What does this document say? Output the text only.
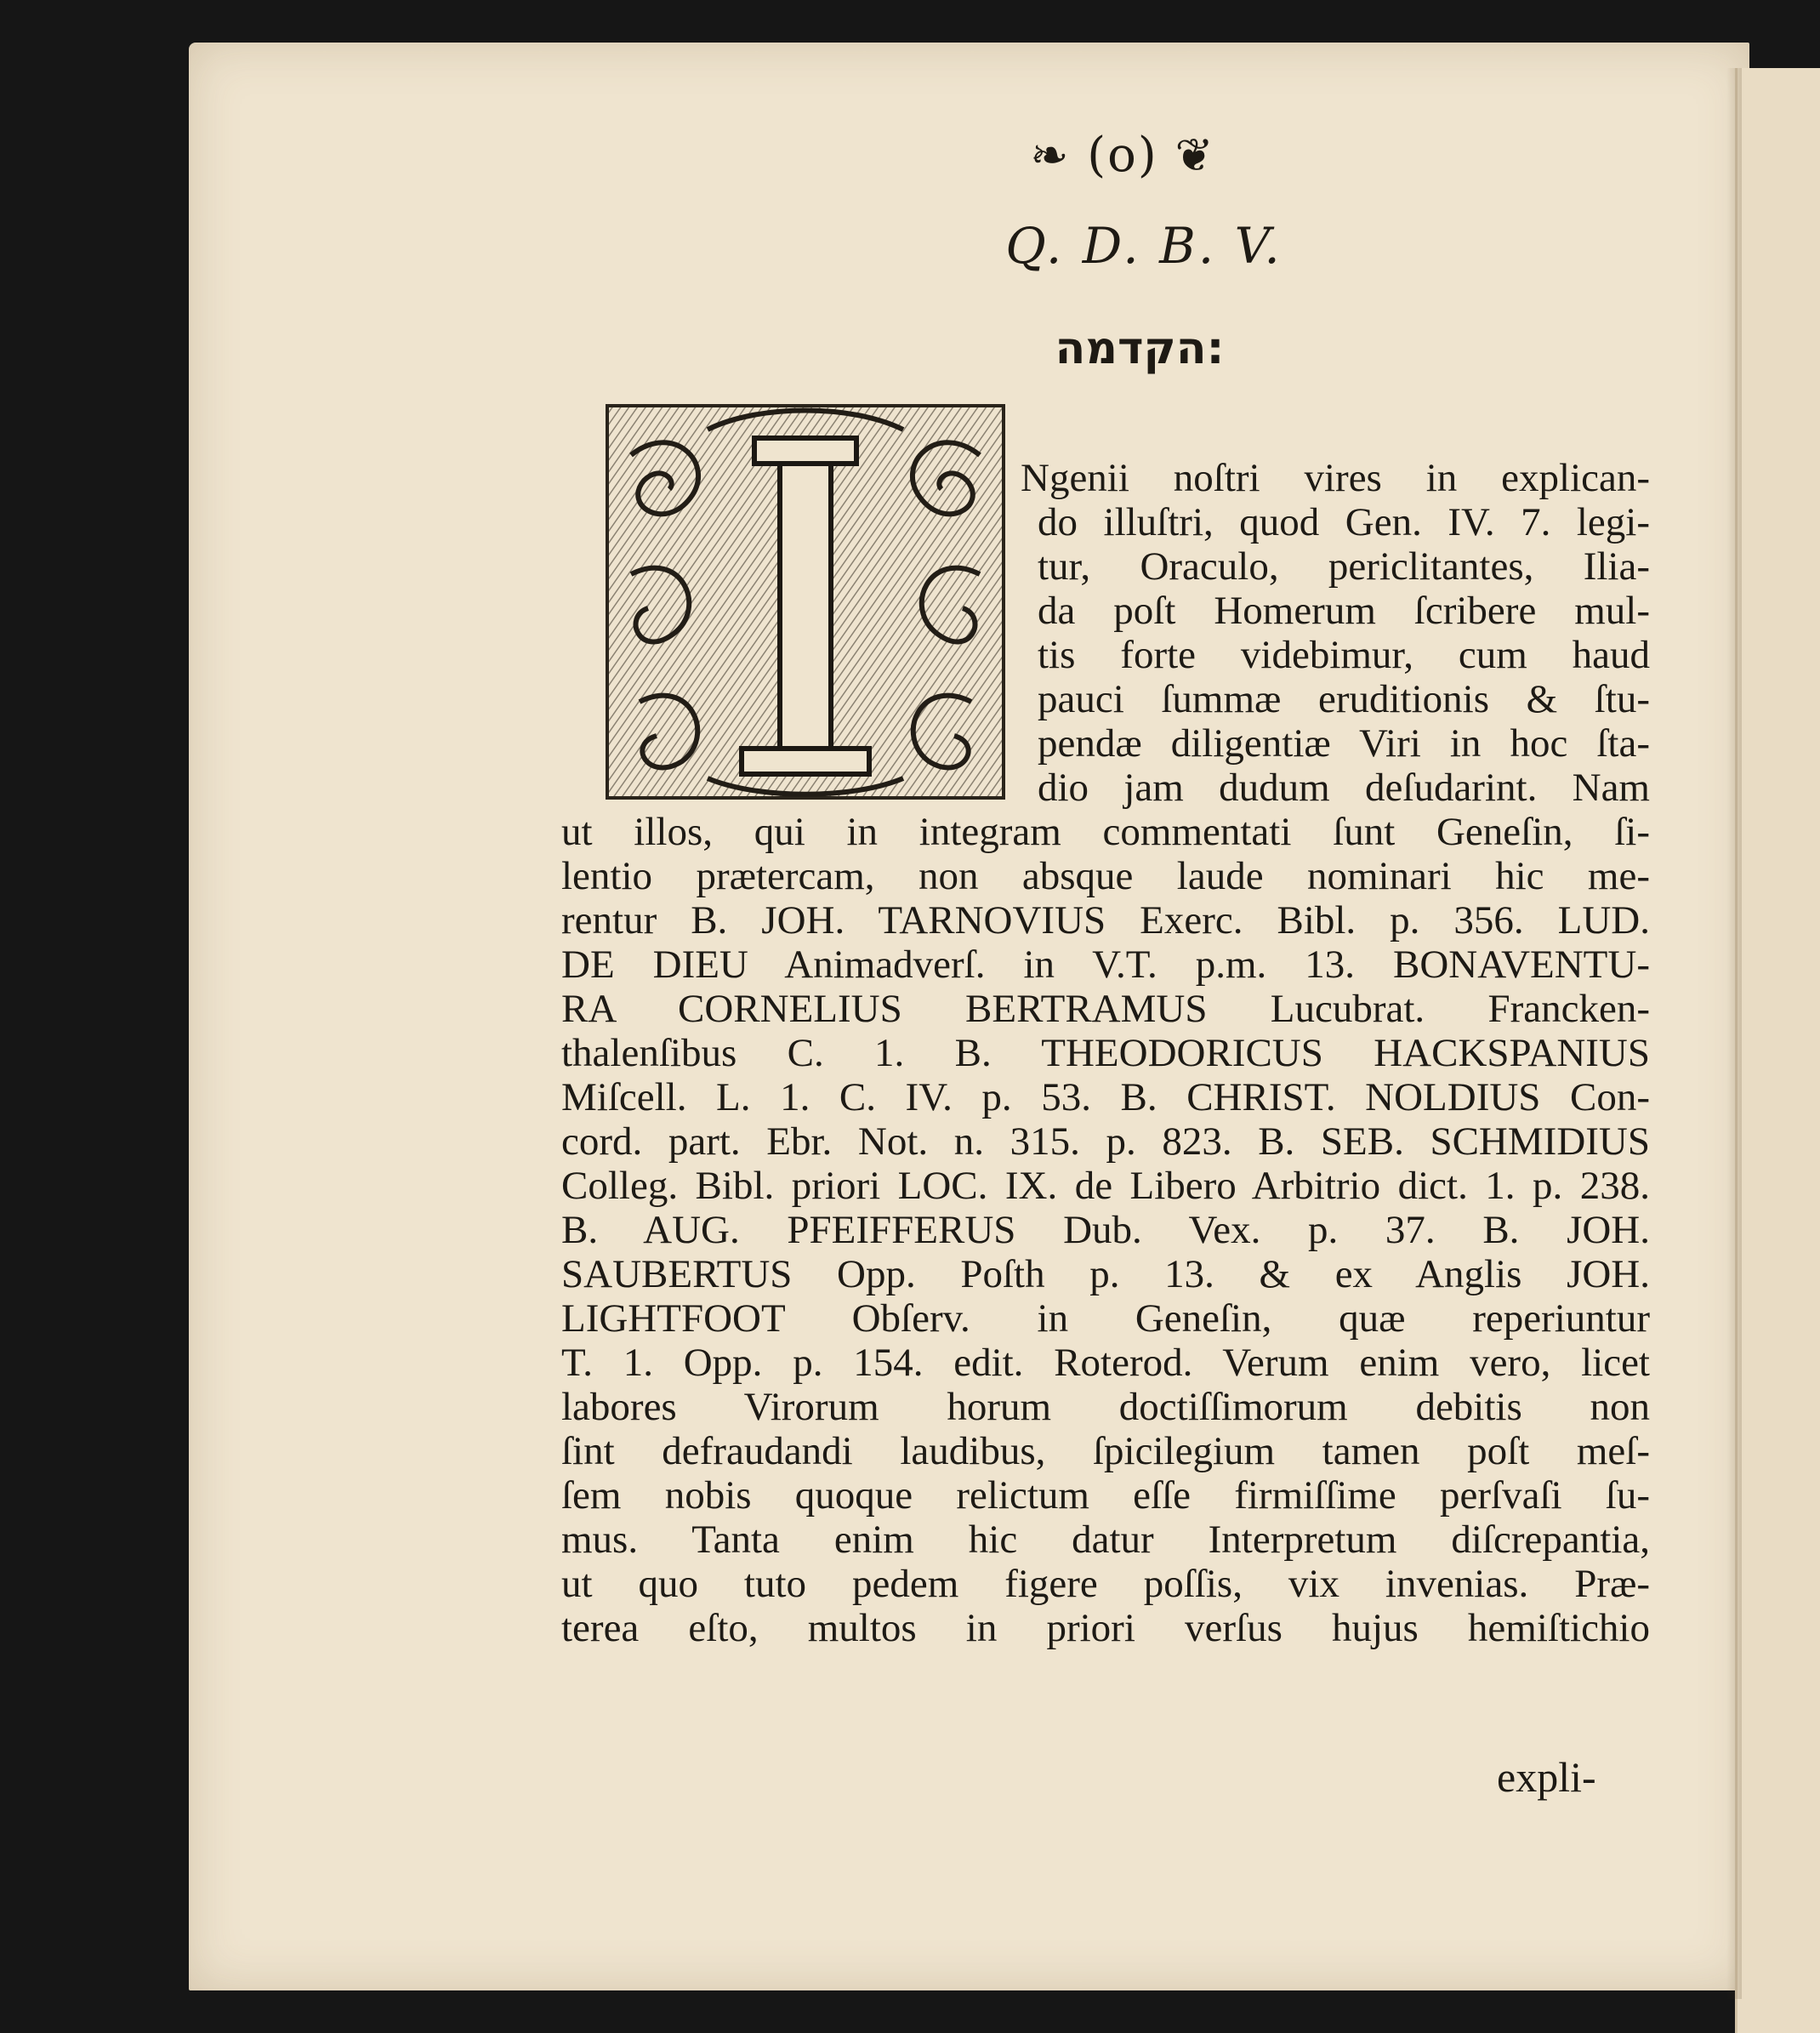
❧ (o) ❦
Q. D. B. V.
הקדמה:
Ngenii noſtri vires in explican-
do illuſtri, quod Gen. IV. 7. legi-
tur, Oraculo, periclitantes, Ilia-
da poſt Homerum ſcribere mul-
tis forte videbimur, cum haud
pauci ſummæ eruditionis & ſtu-
pendæ diligentiæ Viri in hoc ſta-
dio jam dudum deſudarint. Nam
ut illos, qui in integram commentati ſunt Geneſin, ſi-
lentio prætercam, non absque laude nominari hic me-
rentur B. JOH. TARNOVIUS Exerc. Bibl. p. 356. LUD.
DE DIEU Animadverſ. in V.T. p.m. 13. BONAVENTU-
RA CORNELIUS BERTRAMUS Lucubrat. Francken-
thalenſibus C. 1. B. THEODORICUS HACKSPANIUS
Miſcell. L. 1. C. IV. p. 53. B. CHRIST. NOLDIUS Con-
cord. part. Ebr. Not. n. 315. p. 823. B. SEB. SCHMIDIUS
Colleg. Bibl. priori LOC. IX. de Libero Arbitrio dict. 1. p. 238.
B. AUG. PFEIFFERUS Dub. Vex. p. 37. B. JOH.
SAUBERTUS Opp. Poſth p. 13. & ex Anglis JOH.
LIGHTFOOT Obſerv. in Geneſin, quæ reperiuntur
T. 1. Opp. p. 154. edit. Roterod. Verum enim vero, licet
labores Virorum horum doctiſſimorum debitis non
ſint defraudandi laudibus, ſpicilegium tamen poſt meſ-
ſem nobis quoque relictum eſſe firmiſſime perſvaſi ſu-
mus. Tanta enim hic datur Interpretum diſcrepantia,
ut quo tuto pedem figere poſſis, vix invenias. Præ-
terea eſto, multos in priori verſus hujus hemiſtichio
expli-
